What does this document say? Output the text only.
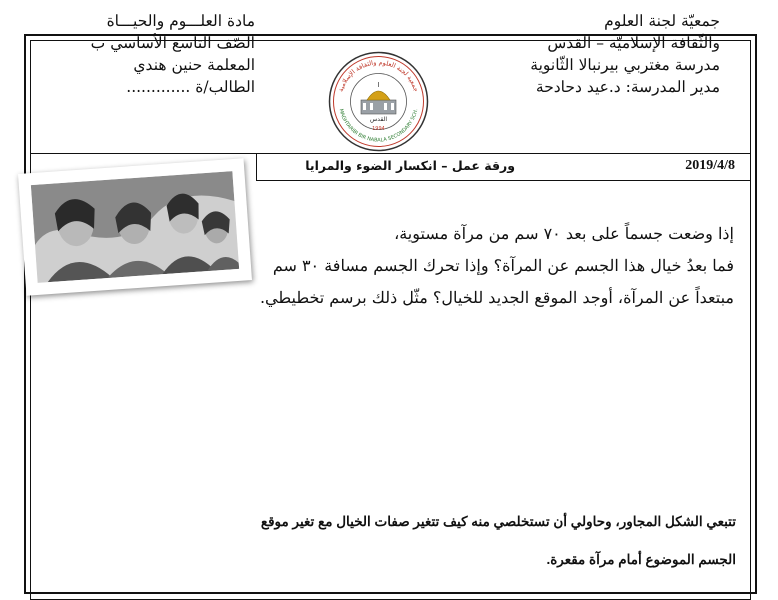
جمعيّة لجنة العلوم
والثّقافة الإسلاميّة – القدس
مدرسة مغتربي بيرنبالا الثّانوية
مدير المدرسة: د.عيد دحادحة
مادة العلـــوم والحيـــاة
الصّف التاسع الأساسي ب
المعلمة حنين هندي
الطالب/ة .............	جمعية لجنة العلوم والثقافة الإسلامية
MAGHTARIBI BIR NABALA SECONDARY SCH.
القدس
1994
2019/4/8
ورقة عمل – انكسار الضوء والمرايا

إذا وضعت جسماً على بعد ٧٠ سم من مرآة مستوية،

فما بعدُ خيال هذا الجسم عن المرآة؟ وإذا تحرك الجسم مسافة ٣٠ سم

مبتعداً عن المرآة، أوجد الموقع الجديد للخيال؟ مثّل ذلك برسم تخطيطي.

تتبعي الشكل المجاور، وحاولي أن تستخلصي منه كيف تتغير صفات الخيال مع تغير موقع

الجسم الموضوع أمام مرآة مقعرة.
